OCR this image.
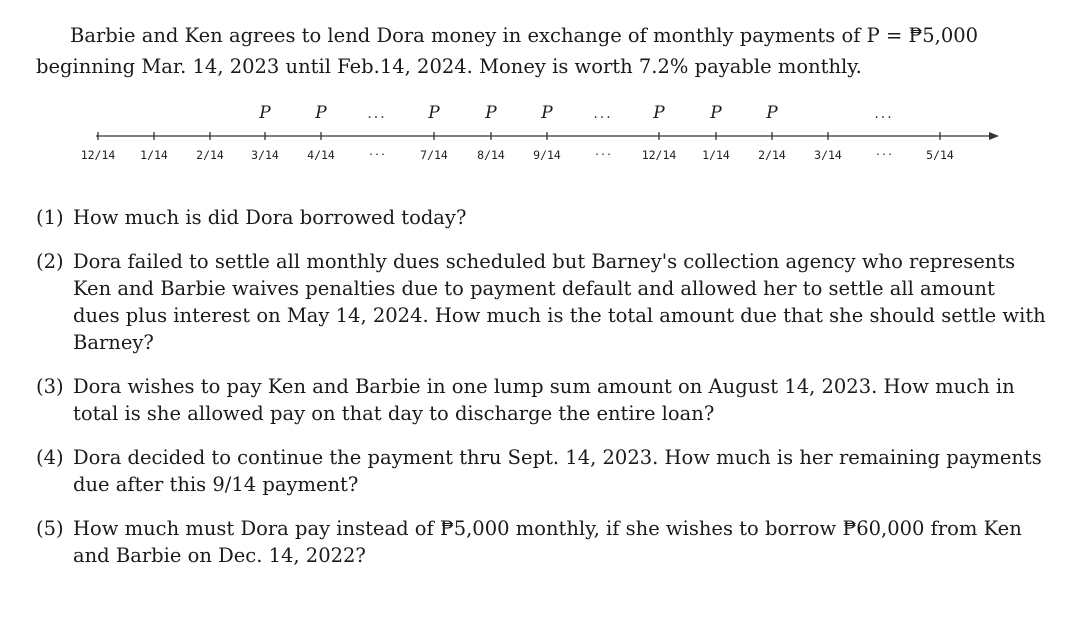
Barbie and Ken agrees to lend Dora money in exchange of monthly payments of P = ₱5,000 beginning Mar. 14, 2023 until Feb.14, 2024. Money is worth 7.2% payable monthly.

P	P	... P	P	P	... P	P	P	...
12/14 1/14 2/14 3/14 4/14	...	7/14	8/14 9/14	...	12/14 1/14 2/14 3/14	...	5/14
(1) How much is did Dora borrowed today?
(2) Dora failed to settle all monthly dues scheduled but Barney's collection agency who represents Ken and Barbie waives penalties due to payment default and allowed her to settle all amount dues plus interest on May 14, 2024. How much is the total amount due that she should settle with Barney?
(3) Dora wishes to pay Ken and Barbie in one lump sum amount on August 14, 2023. How much in total is she allowed pay on that day to discharge the entire loan?
(4) Dora decided to continue the payment thru Sept. 14, 2023. How much is her remaining payments due after this 9/14 payment?
(5) How much must Dora pay instead of ₱5,000 monthly, if she wishes to borrow ₱60,000 from Ken and Barbie on Dec. 14, 2022?
